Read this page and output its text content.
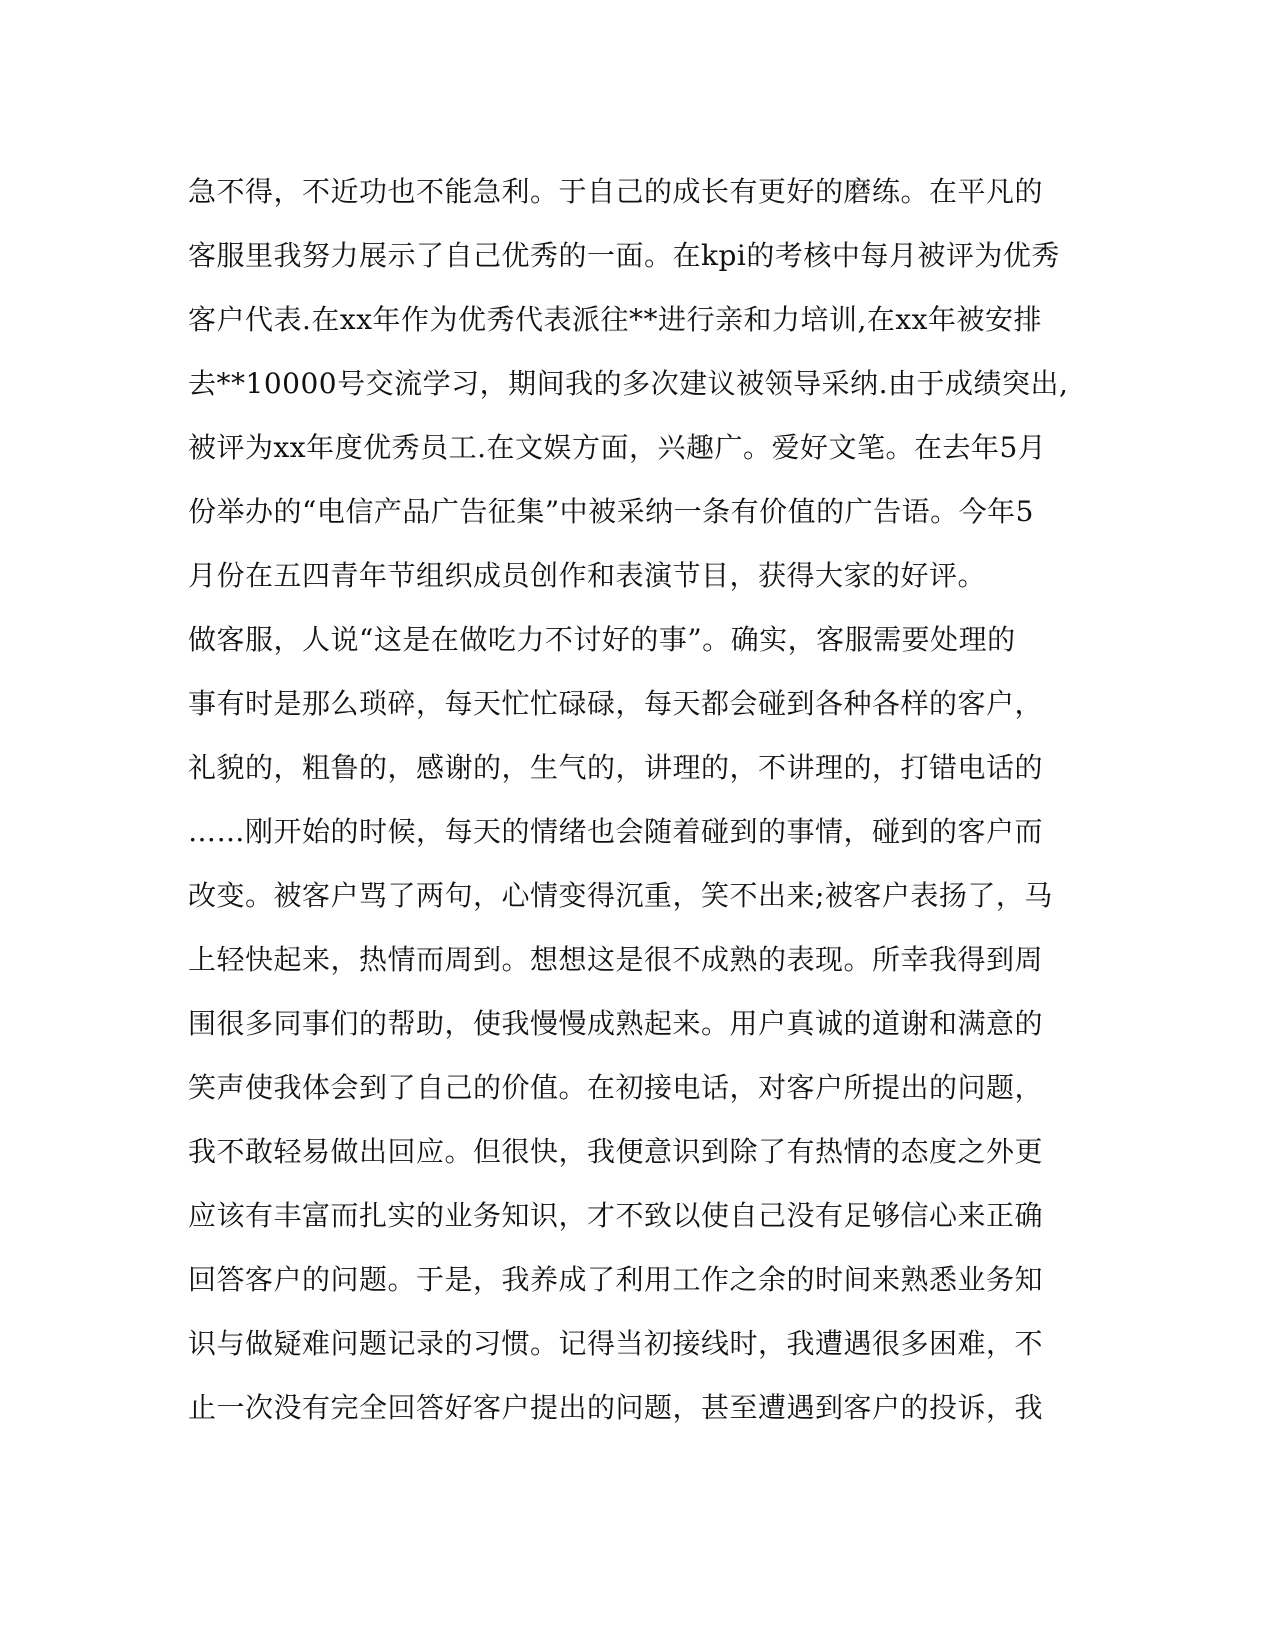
急不得，不近功也不能急利。于自己的成长有更好的磨练。在平凡的
客服里我努力展示了自己优秀的一面。在kpi的考核中每月被评为优秀
客户代表.在xx年作为优秀代表派往**进行亲和力培训,在xx年被安排
去**10000号交流学习，期间我的多次建议被领导采纳.由于成绩突出,
被评为xx年度优秀员工.在文娱方面，兴趣广。爱好文笔。在去年5月
份举办的“电信产品广告征集”中被采纳一条有价值的广告语。今年5
月份在五四青年节组织成员创作和表演节目，获得大家的好评。
做客服，人说“这是在做吃力不讨好的事”。确实，客服需要处理的
事有时是那么琐碎，每天忙忙碌碌，每天都会碰到各种各样的客户，
礼貌的，粗鲁的，感谢的，生气的，讲理的，不讲理的，打错电话的
……刚开始的时候，每天的情绪也会随着碰到的事情，碰到的客户而
改变。被客户骂了两句，心情变得沉重，笑不出来;被客户表扬了，马
上轻快起来，热情而周到。想想这是很不成熟的表现。所幸我得到周
围很多同事们的帮助，使我慢慢成熟起来。用户真诚的道谢和满意的
笑声使我体会到了自己的价值。在初接电话，对客户所提出的问题，
我不敢轻易做出回应。但很快，我便意识到除了有热情的态度之外更
应该有丰富而扎实的业务知识，才不致以使自己没有足够信心来正确
回答客户的问题。于是，我养成了利用工作之余的时间来熟悉业务知
识与做疑难问题记录的习惯。记得当初接线时，我遭遇很多困难，不
止一次没有完全回答好客户提出的问题，甚至遭遇到客户的投诉，我
